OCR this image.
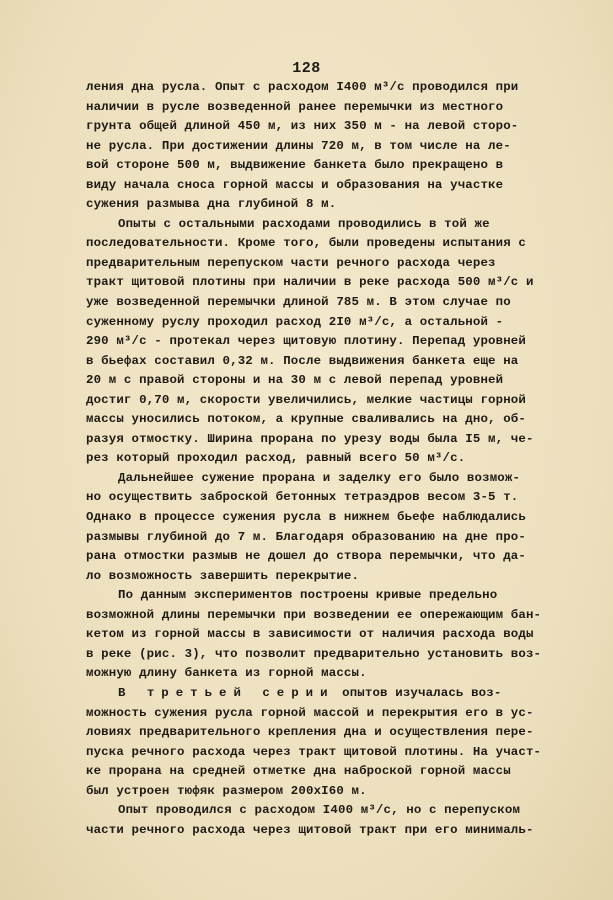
128
ления дна русла. Опыт с расходом I400 м³/с проводился при
наличии в русле возведенной ранее перемычки из местного
грунта общей длиной 450 м, из них 350 м - на левой сторо-
не русла. При достижении длины 720 м, в том числе на ле-
вой стороне 500 м, выдвижение банкета было прекращено в
виду начала сноса горной массы и образования на участке
сужения размыва дна глубиной 8 м.
Опыты с остальными расходами проводились в той же
последовательности. Кроме того, были проведены испытания с
предварительным перепуском части речного расхода через
тракт щитовой плотины при наличии в реке расхода 500 м³/с и
уже возведенной перемычки длиной 785 м. В этом случае по
суженному руслу проходил расход 2I0 м³/с, а остальной -
290 м³/с - протекал через щитовую плотину. Перепад уровней
в бьефах составил 0,32 м. После выдвижения банкета еще на
20 м с правой стороны и на 30 м с левой перепад уровней
достиг 0,70 м, скорости увеличились, мелкие частицы горной
массы уносились потоком, а крупные сваливались на дно, об-
разуя отмостку. Ширина прорана по урезу воды была I5 м, че-
рез который проходил расход, равный всего 50 м³/с.
Дальнейшее сужение прорана и заделку его было возмож-
но осуществить заброской бетонных тетраэдров весом 3-5 т.
Однако в процессе сужения русла в нижнем бьефе наблюдались
размывы глубиной до 7 м. Благодаря образованию на дне про-
рана отмостки размыв не дошел до створа перемычки, что да-
ло возможность завершить перекрытие.
По данным экспериментов построены кривые предельно
возможной длины перемычки при возведении ее опережающим бан-
кетом из горной массы в зависимости от наличия расхода воды
в реке (рис. 3), что позволит предварительно установить воз-
можную длину банкета из горной массы.
В третьей серии опытов изучалась воз-
можность сужения русла горной массой и перекрытия его в ус-
ловиях предварительного крепления дна и осуществления пере-
пуска речного расхода через тракт щитовой плотины. На участ-
ке прорана на средней отметке дна наброской горной массы
был устроен тюфяк размером 200хI60 м.
Опыт проводился с расходом I400 м³/с, но с перепуском
части речного расхода через щитовой тракт при его минималь-
